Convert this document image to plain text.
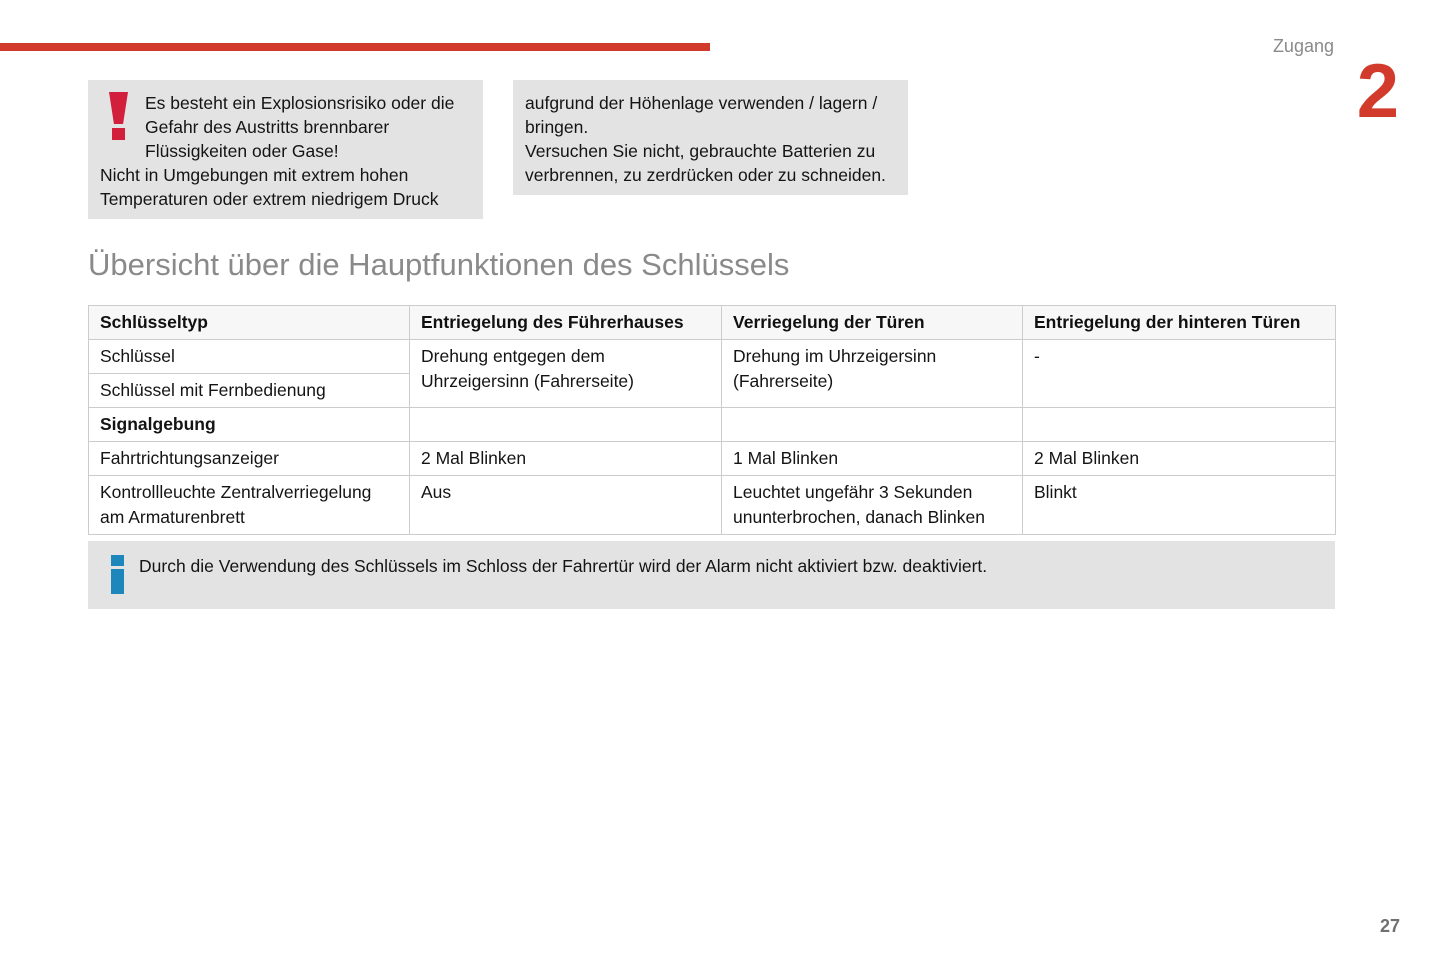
Zugang
2

Es besteht ein Explosionsrisiko oder die Gefahr des Austritts brennbarer Flüssigkeiten oder Gase!

Nicht in Umgebungen mit extrem hohen Temperaturen oder extrem niedrigem Druck

aufgrund der Höhenlage verwenden / lagern / bringen.

Versuchen Sie nicht, gebrauchte Batterien zu verbrennen, zu zerdrücken oder zu schneiden.

Übersicht über die Hauptfunktionen des Schlüssels
Schlüsseltyp	Entriegelung des Führerhauses	Verriegelung der Türen	Entriegelung der hinteren Türen
Schlüssel	Drehung entgegen dem Uhrzeigersinn (Fahrerseite)	Drehung im Uhrzeigersinn (Fahrerseite)	-
Schlüssel mit Fernbedienung			
Signalgebung			
Fahrtrichtungsanzeiger	2 Mal Blinken	1 Mal Blinken	2 Mal Blinken
Kontrollleuchte Zentralverriegelung am Armaturenbrett	Aus	Leuchtet ungefähr 3 Sekunden ununterbrochen, danach Blinken	Blinkt

Durch die Verwendung des Schlüssels im Schloss der Fahrertür wird der Alarm nicht aktiviert bzw. deaktiviert.

27
